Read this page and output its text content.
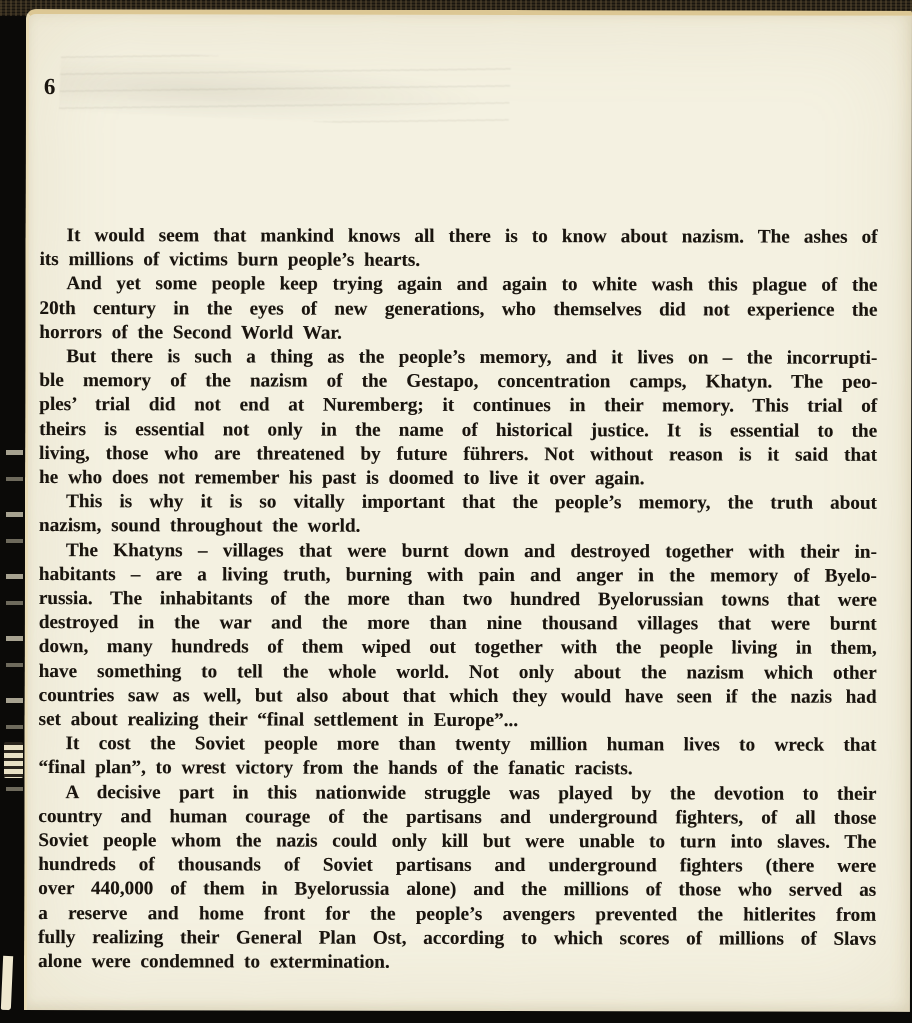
6
It would seem that mankind knows all there is to know about nazism. The ashes of
its millions of victims burn people’s hearts.
And yet some people keep trying again and again to white wash this plague of the
20th century in the eyes of new generations, who themselves did not experience the
horrors of the Second World War.
But there is such a thing as the people’s memory, and it lives on – the incorrupti-
ble memory of the nazism of the Gestapo, concentration camps, Khatyn. The peo-
ples’ trial did not end at Nuremberg; it continues in their memory. This trial of
theirs is essential not only in the name of historical justice. It is essential to the
living, those who are threatened by future führers. Not without reason is it said that
he who does not remember his past is doomed to live it over again.
This is why it is so vitally important that the people’s memory, the truth about
nazism, sound throughout the world.
The Khatyns – villages that were burnt down and destroyed together with their in-
habitants – are a living truth, burning with pain and anger in the memory of Byelo-
russia. The inhabitants of the more than two hundred Byelorussian towns that were
destroyed in the war and the more than nine thousand villages that were burnt
down, many hundreds of them wiped out together with the people living in them,
have something to tell the whole world. Not only about the nazism which other
countries saw as well, but also about that which they would have seen if the nazis had
set about realizing their “final settlement in Europe”...
It cost the Soviet people more than twenty million human lives to wreck that
“final plan”, to wrest victory from the hands of the fanatic racists.
A decisive part in this nationwide struggle was played by the devotion to their
country and human courage of the partisans and underground fighters, of all those
Soviet people whom the nazis could only kill but were unable to turn into slaves. The
hundreds of thousands of Soviet partisans and underground fighters (there were
over 440,000 of them in Byelorussia alone) and the millions of those who served as
a reserve and home front for the people’s avengers prevented the hitlerites from
fully realizing their General Plan Ost, according to which scores of millions of Slavs
alone were condemned to extermination.
